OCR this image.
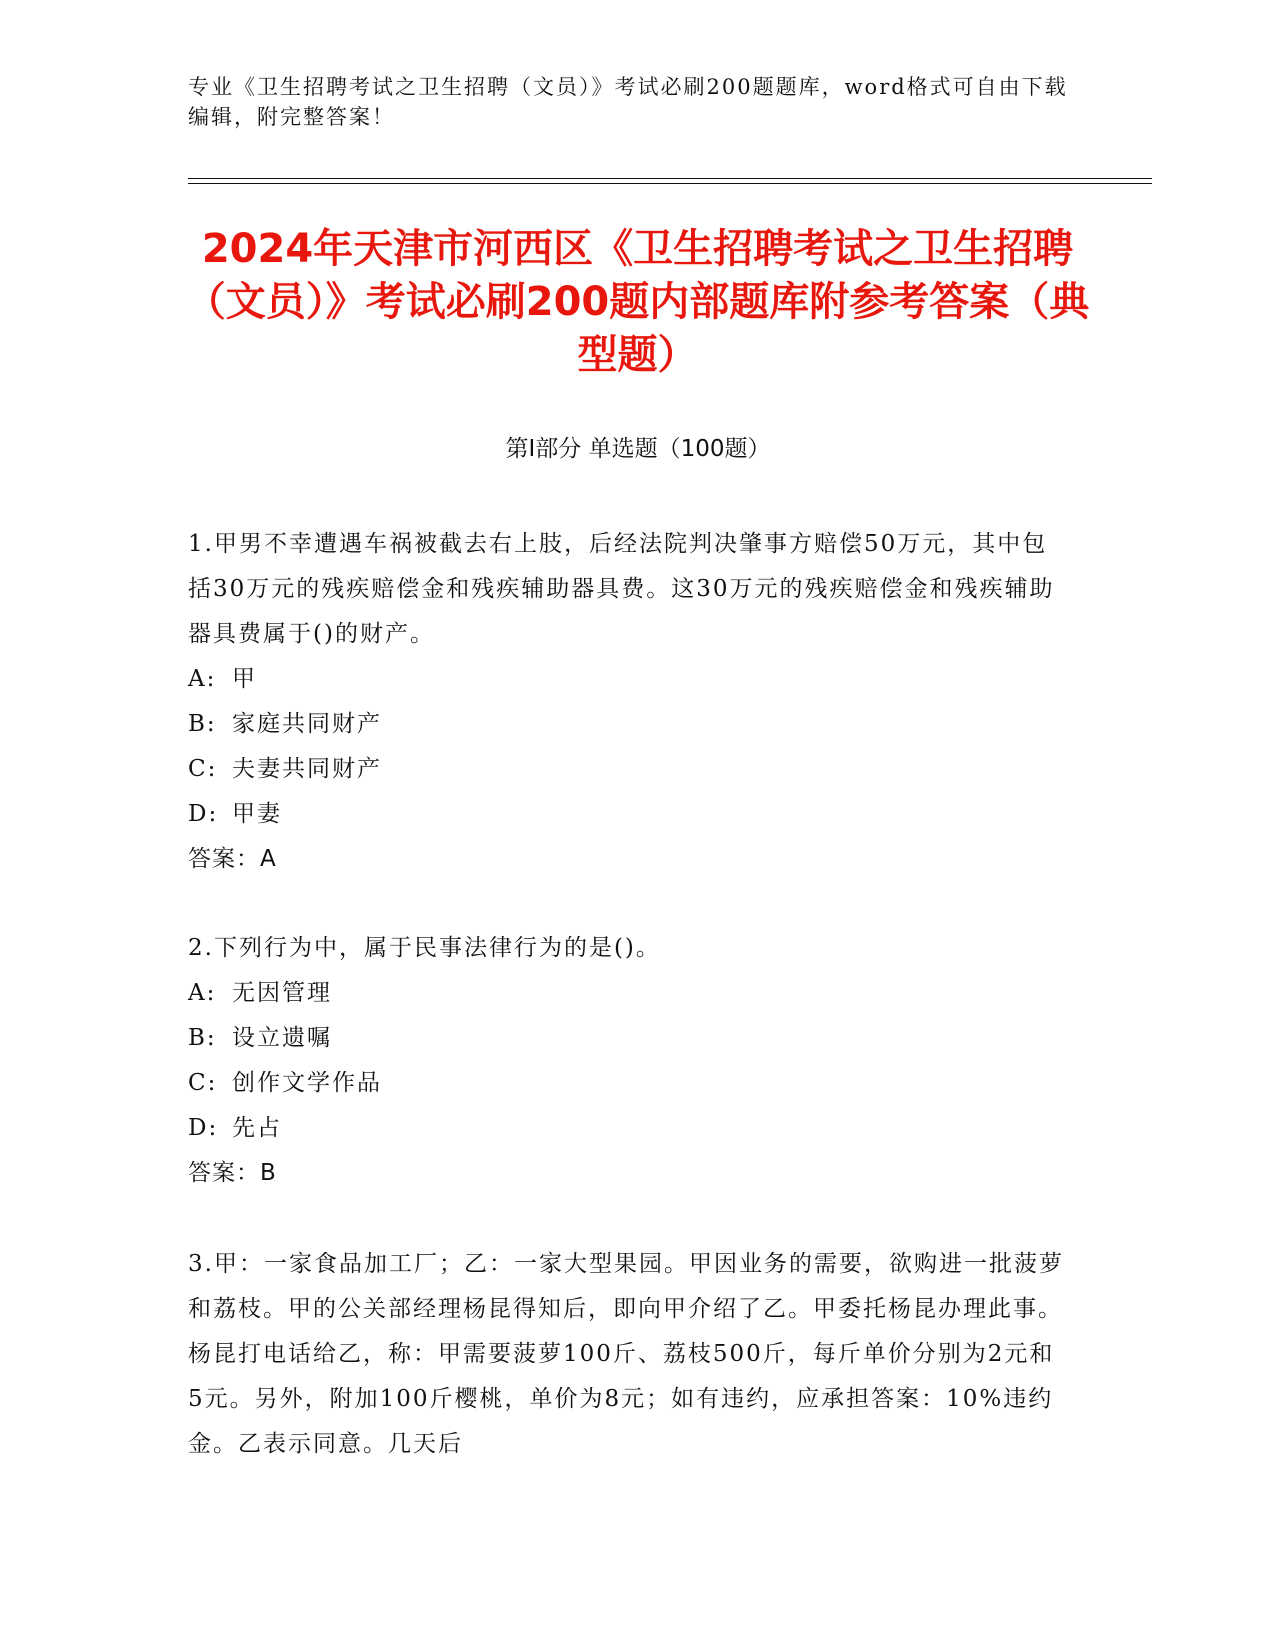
专业《卫生招聘考试之卫生招聘（文员）》考试必刷200题题库，word格式可自由下载编辑，附完整答案！
2024年天津市河西区《卫生招聘考试之卫生招聘（文员）》考试必刷200题内部题库附参考答案（典型题）
第Ⅰ部分 单选题（100题）

1.甲男不幸遭遇车祸被截去右上肢，后经法院判决肇事方赔偿50万元，其中包括30万元的残疾赔偿金和残疾辅助器具费。这30万元的残疾赔偿金和残疾辅助器具费属于()的财产。

A: 甲

B: 家庭共同财产

C: 夫妻共同财产

D: 甲妻

答案：A

2.下列行为中，属于民事法律行为的是()。

A: 无因管理

B: 设立遗嘱

C: 创作文学作品

D: 先占

答案：B

3.甲：一家食品加工厂；乙：一家大型果园。甲因业务的需要，欲购进一批菠萝和荔枝。甲的公关部经理杨昆得知后，即向甲介绍了乙。甲委托杨昆办理此事。杨昆打电话给乙，称：甲需要菠萝100斤、荔枝500斤，每斤单价分别为2元和5元。另外，附加100斤樱桃，单价为8元；如有违约，应承担答案：10%违约金。乙表示同意。几天后
